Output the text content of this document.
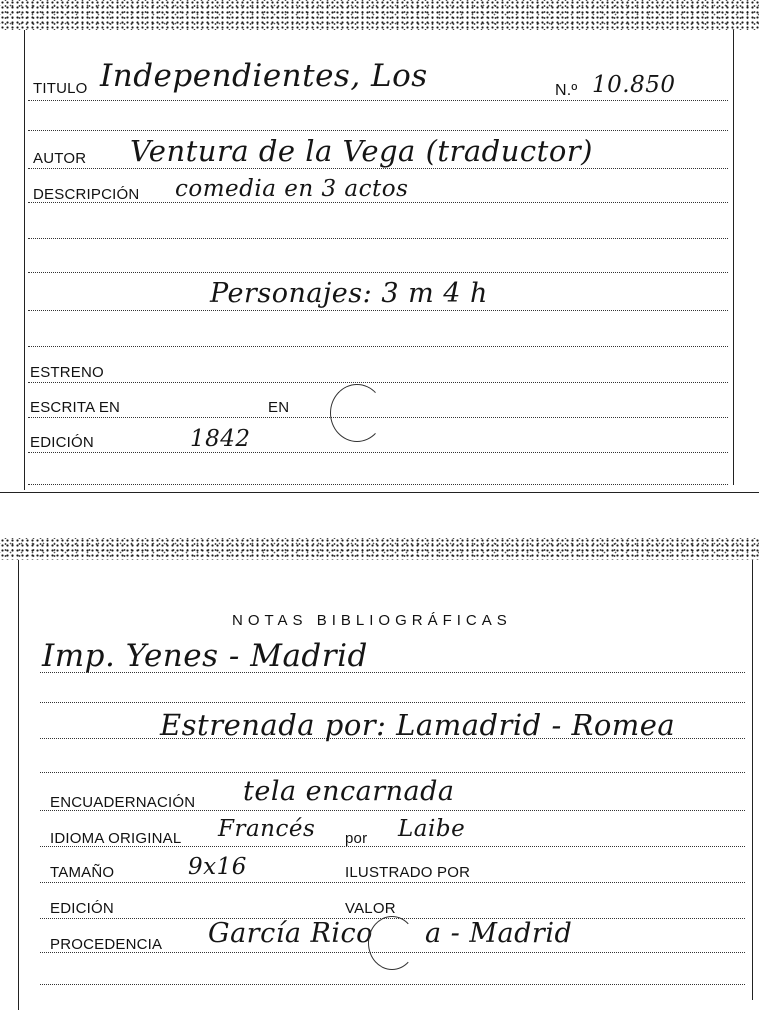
TITULO Independientes, Los	N.º 10.850
AUTOR Ventura de la Vega (traductor)
DESCRIPCIÓN comedia en 3 actos
Personajes: 3 m 4 h
ESTRENO
ESCRITA EN	EN
EDICIÓN	1842
NOTAS BIBLIOGRÁFICAS
Imp. Yenes - Madrid
Estrenada por: Lamadrid - Romea
ENCUADERNACIÓN tela encarnada
IDIOMA ORIGINAL Francés por Laibe
TAMAÑO	9x16	ILUSTRADO POR
EDICIÓN	VALOR
PROCEDENCIA García Rico a - Madrid
